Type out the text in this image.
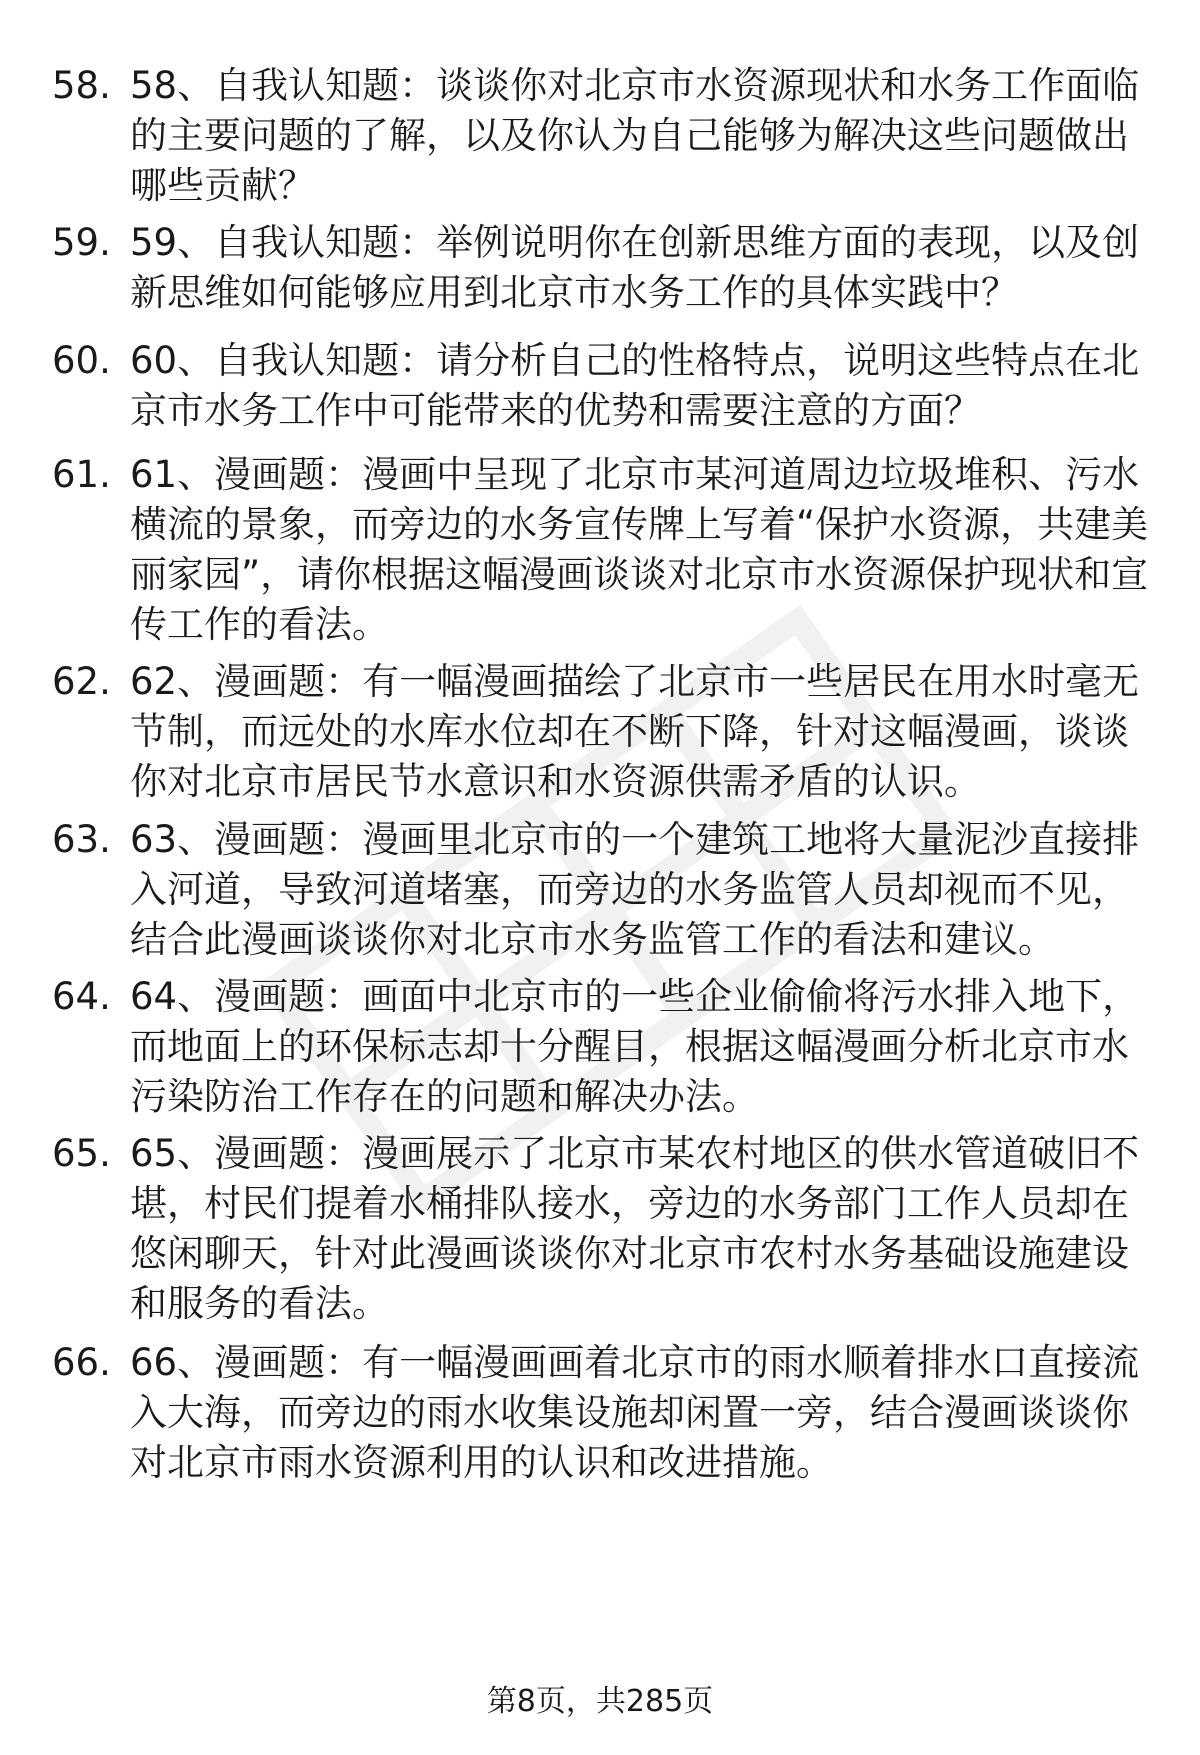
58. 58、自我认知题：谈谈你对北京市水资源现状和水务工作面临的主要问题的了解，以及你认为自己能够为解决这些问题做出哪些贡献？
59. 59、自我认知题：举例说明你在创新思维方面的表现，以及创新思维如何能够应用到北京市水务工作的具体实践中？
60. 60、自我认知题：请分析自己的性格特点，说明这些特点在北京市水务工作中可能带来的优势和需要注意的方面？
61. 61、漫画题：漫画中呈现了北京市某河道周边垃圾堆积、污水横流的景象，而旁边的水务宣传牌上写着“保护水资源，共建美丽家园”，请你根据这幅漫画谈谈对北京市水资源保护现状和宣传工作的看法。
62. 62、漫画题：有一幅漫画描绘了北京市一些居民在用水时毫无节制，而远处的水库水位却在不断下降，针对这幅漫画，谈谈你对北京市居民节水意识和水资源供需矛盾的认识。
63. 63、漫画题：漫画里北京市的一个建筑工地将大量泥沙直接排入河道，导致河道堵塞，而旁边的水务监管人员却视而不见，结合此漫画谈谈你对北京市水务监管工作的看法和建议。
64. 64、漫画题：画面中北京市的一些企业偷偷将污水排入地下，而地面上的环保标志却十分醒目，根据这幅漫画分析北京市水污染防治工作存在的问题和解决办法。
65. 65、漫画题：漫画展示了北京市某农村地区的供水管道破旧不堪，村民们提着水桶排队接水，旁边的水务部门工作人员却在悠闲聊天，针对此漫画谈谈你对北京市农村水务基础设施建设和服务的看法。
66. 66、漫画题：有一幅漫画画着北京市的雨水顺着排水口直接流入大海，而旁边的雨水收集设施却闲置一旁，结合漫画谈谈你对北京市雨水资源利用的认识和改进措施。
第8页，共285页
